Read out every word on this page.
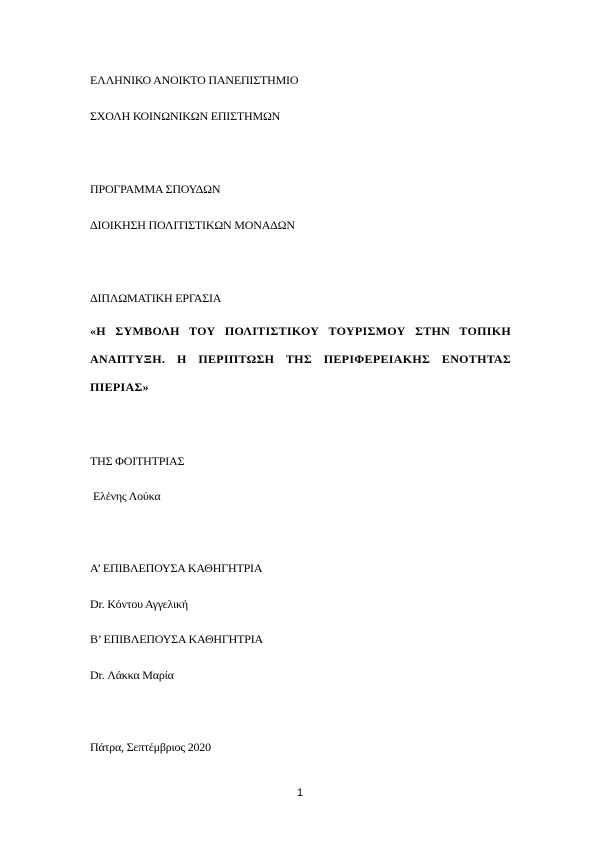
ΕΛΛΗΝΙΚΟ ΑΝΟΙΚΤΟ ΠΑΝΕΠΙΣΤΗΜΙΟ
ΣΧΟΛΗ ΚΟΙΝΩΝΙΚΩΝ ΕΠΙΣΤΗΜΩΝ
ΠΡΟΓΡΑΜΜΑ ΣΠΟΥΔΩΝ
ΔΙΟΙΚΗΣΗ ΠΟΛΙΤΙΣΤΙΚΩΝ ΜΟΝΑΔΩΝ
ΔΙΠΛΩΜΑΤΙΚΗ ΕΡΓΑΣΙΑ
«Η ΣΥΜΒΟΛΗ ΤΟΥ ΠΟΛΙΤΙΣΤΙΚΟΥ ΤΟΥΡΙΣΜΟΥ ΣΤΗΝ ΤΟΠΙΚΗ ΑΝΑΠΤΥΞΗ. Η ΠΕΡΙΠΤΩΣΗ ΤΗΣ ΠΕΡΙΦΕΡΕΙΑΚΗΣ ΕΝΟΤΗΤΑΣ ΠΙΕΡΙΑΣ»
ΤΗΣ ΦΟΙΤΗΤΡΙΑΣ
Ελένης Λούκα
Α’ ΕΠΙΒΛΕΠΟΥΣΑ ΚΑΘΗΓΗΤΡΙΑ
Dr. Κόντου Αγγελική
Β’ ΕΠΙΒΛΕΠΟΥΣΑ ΚΑΘΗΓΗΤΡΙΑ
Dr. Λάκκα Μαρία
Πάτρα, Σεπτέμβριος 2020
1
